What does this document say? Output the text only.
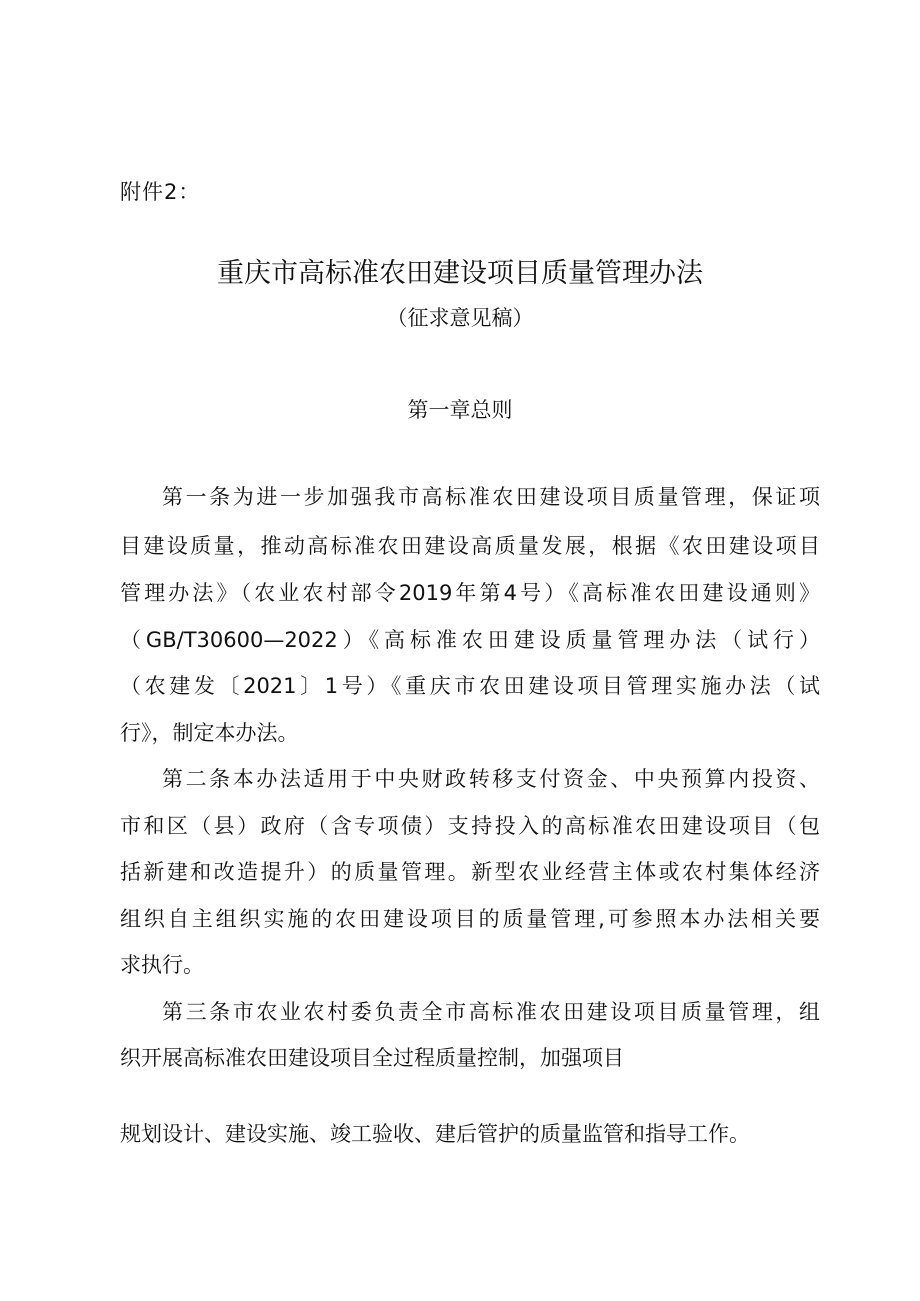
附件2：
重庆市高标准农田建设项目质量管理办法
（征求意见稿）
第一章总则
第一条为进一步加强我市高标准农田建设项目质量管理，保证项
目建设质量，推动高标准农田建设高质量发展，根据《农田建设项目
管理办法》（农业农村部令2019年第4号）《高标准农田建设通则》
（GB/T30600—2022）《高标准农田建设质量管理办法（试行）
（农建发〔2021〕1号）《重庆市农田建设项目管理实施办法（试
行》，制定本办法。
第二条本办法适用于中央财政转移支付资金、中央预算内投资、
市和区（县）政府（含专项债）支持投入的高标准农田建设项目（包
括新建和改造提升）的质量管理。新型农业经营主体或农村集体经济
组织自主组织实施的农田建设项目的质量管理,可参照本办法相关要
求执行。
第三条市农业农村委负责全市高标准农田建设项目质量管理，组
织开展高标准农田建设项目全过程质量控制，加强项目
规划设计、建设实施、竣工验收、建后管护的质量监管和指导工作。
